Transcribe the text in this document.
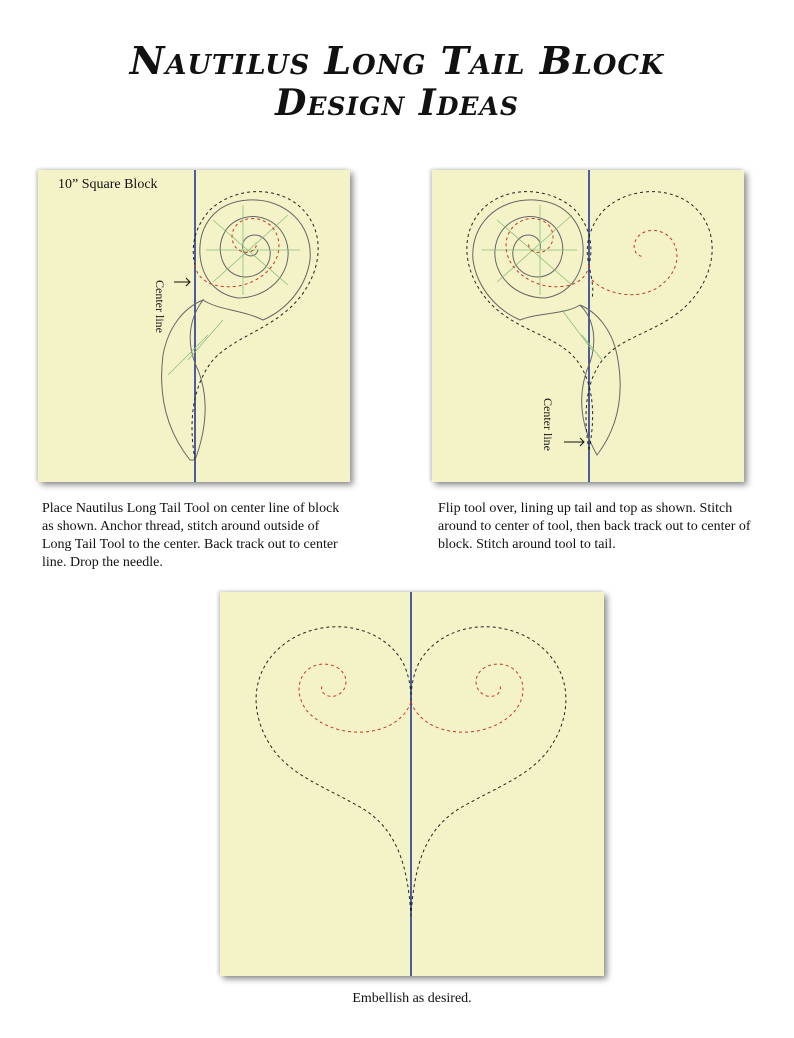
Nautilus Long Tail Block
Design Ideas
Center line
10” Square Block
Center line

Place Nautilus Long Tail Tool on center line of block as shown. Anchor thread, stitch around outside of Long Tail Tool to the center. Back track out to center line. Drop the needle.

Flip tool over, lining up tail and top as shown. Stitch around to center of tool, then back track out to center of block. Stitch around tool to tail.

Embellish as desired.
